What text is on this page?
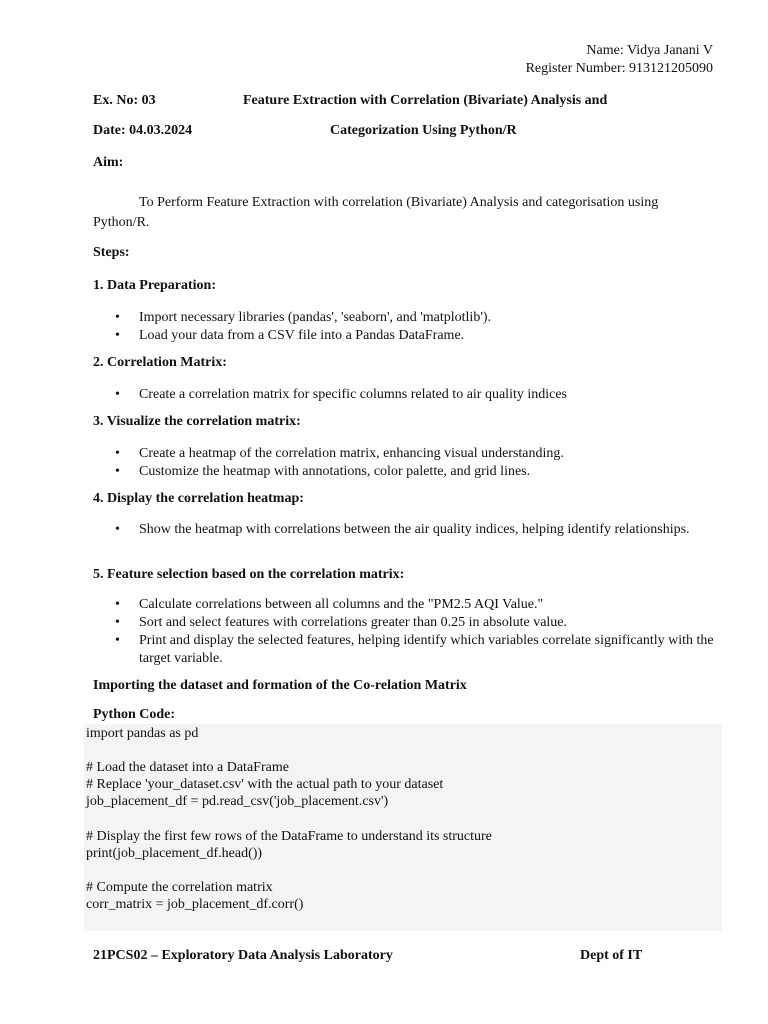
Name: Vidya Janani V
Register Number: 913121205090
Ex. No: 03	Feature Extraction with Correlation (Bivariate) Analysis and
Date: 04.03.2024	Categorization Using Python/R
Aim:
To Perform Feature Extraction with correlation (Bivariate) Analysis and categorisation using
Python/R.
Steps:
1. Data Preparation:
• Import necessary libraries (pandas', 'seaborn', and 'matplotlib').
• Load your data from a CSV file into a Pandas DataFrame.
2. Correlation Matrix:
• Create a correlation matrix for specific columns related to air quality indices
3. Visualize the correlation matrix:
• Create a heatmap of the correlation matrix, enhancing visual understanding.
• Customize the heatmap with annotations, color palette, and grid lines.
4. Display the correlation heatmap:
• Show the heatmap with correlations between the air quality indices, helping identify relationships.
5. Feature selection based on the correlation matrix:
• Calculate correlations between all columns and the "PM2.5 AQI Value."
• Sort and select features with correlations greater than 0.25 in absolute value.
• Print and display the selected features, helping identify which variables correlate significantly with the target variable.
Importing the dataset and formation of the Co-relation Matrix
Python Code:
import pandas as pd
# Load the dataset into a DataFrame
# Replace 'your_dataset.csv' with the actual path to your dataset
job_placement_df = pd.read_csv('job_placement.csv')
# Display the first few rows of the DataFrame to understand its structure
print(job_placement_df.head())
# Compute the correlation matrix
corr_matrix = job_placement_df.corr()
21PCS02 – Exploratory Data Analysis Laboratory	Dept of IT
